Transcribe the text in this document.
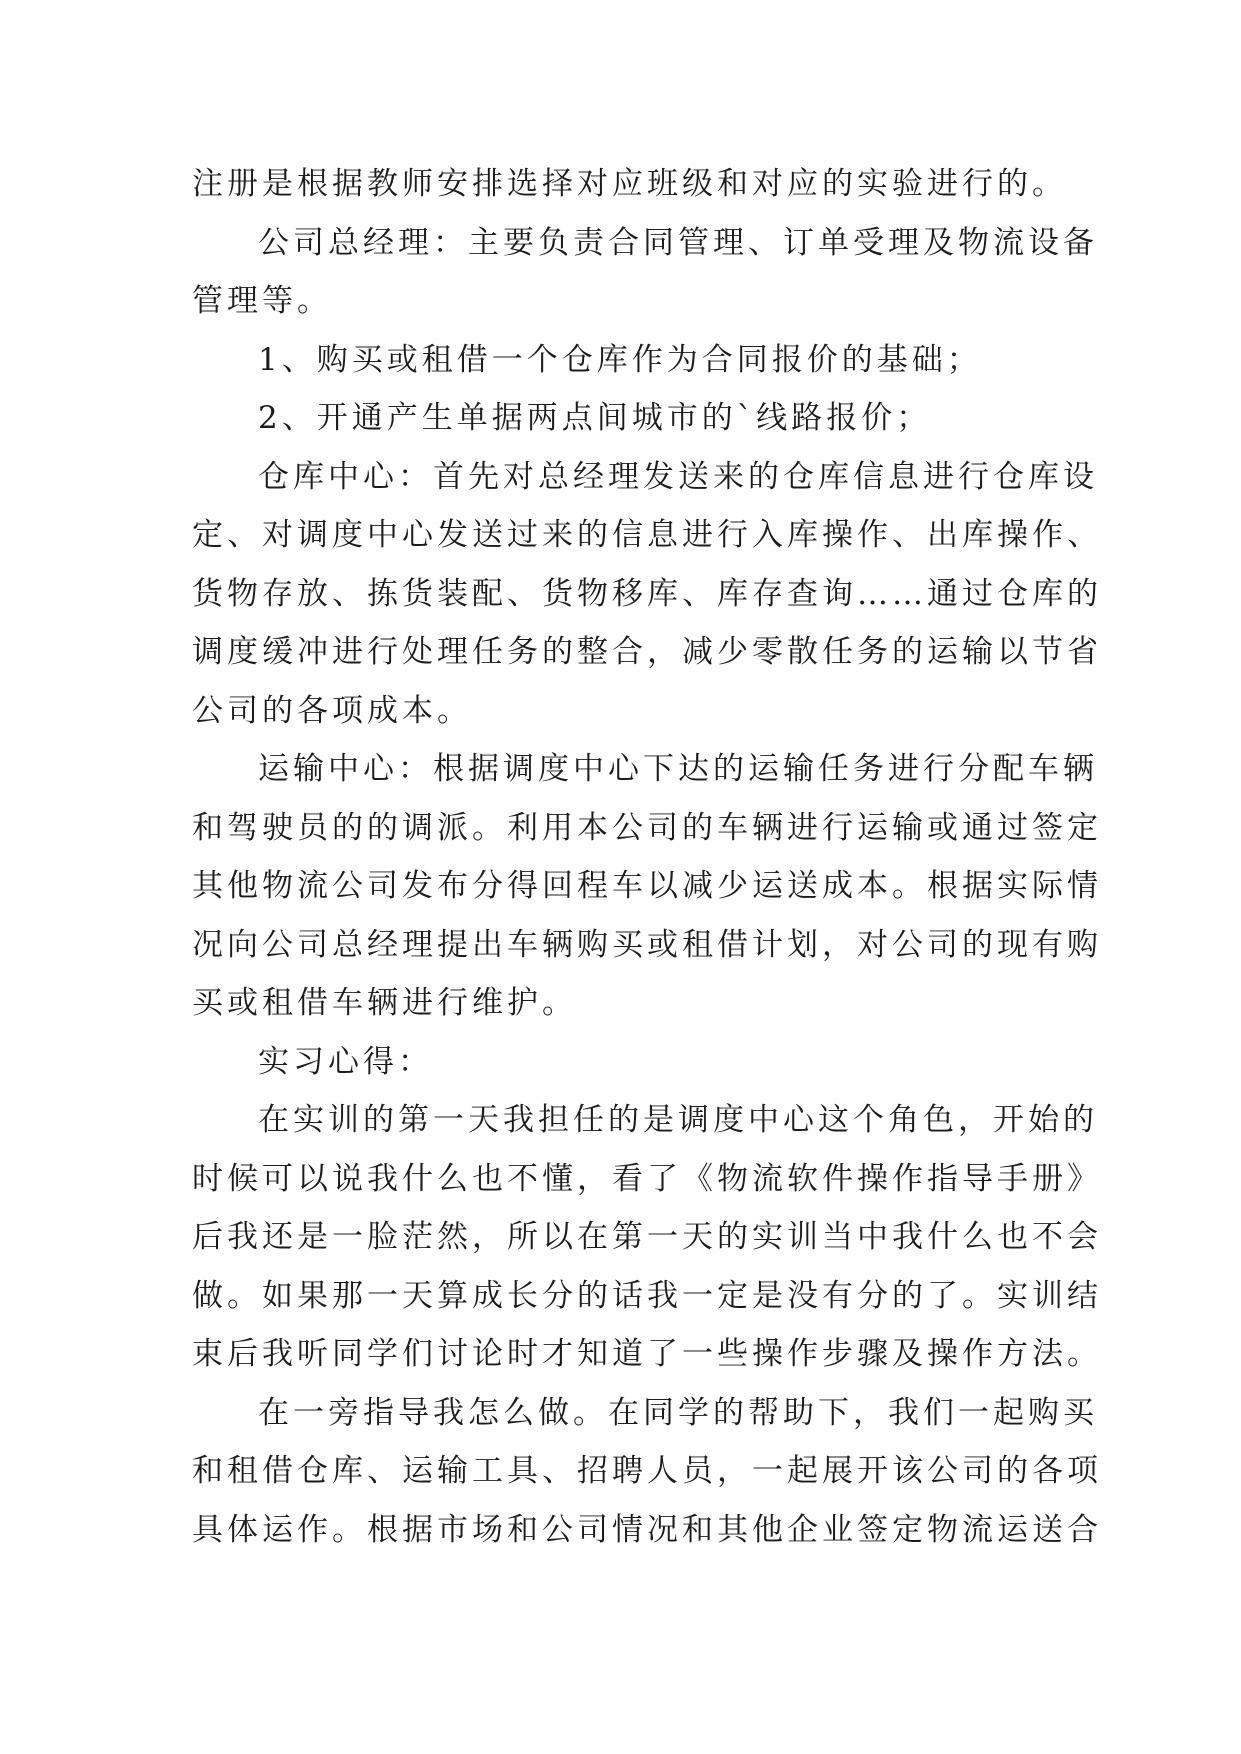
注册是根据教师安排选择对应班级和对应的实验进行的。
公司总经理：主要负责合同管理、订单受理及物流设备
管理等。
1、购买或租借一个仓库作为合同报价的基础；
2、开通产生单据两点间城市的`线路报价；
仓库中心：首先对总经理发送来的仓库信息进行仓库设
定、对调度中心发送过来的信息进行入库操作、出库操作、
货物存放、拣货装配、货物移库、库存查询……通过仓库的
调度缓冲进行处理任务的整合，减少零散任务的运输以节省
公司的各项成本。
运输中心：根据调度中心下达的运输任务进行分配车辆
和驾驶员的的调派。利用本公司的车辆进行运输或通过签定
其他物流公司发布分得回程车以减少运送成本。根据实际情
况向公司总经理提出车辆购买或租借计划，对公司的现有购
买或租借车辆进行维护。
实习心得：
在实训的第一天我担任的是调度中心这个角色，开始的
时候可以说我什么也不懂，看了《物流软件操作指导手册》
后我还是一脸茫然，所以在第一天的实训当中我什么也不会
做。如果那一天算成长分的话我一定是没有分的了。实训结
束后我听同学们讨论时才知道了一些操作步骤及操作方法。
在一旁指导我怎么做。在同学的帮助下，我们一起购买
和租借仓库、运输工具、招聘人员，一起展开该公司的各项
具体运作。根据市场和公司情况和其他企业签定物流运送合
